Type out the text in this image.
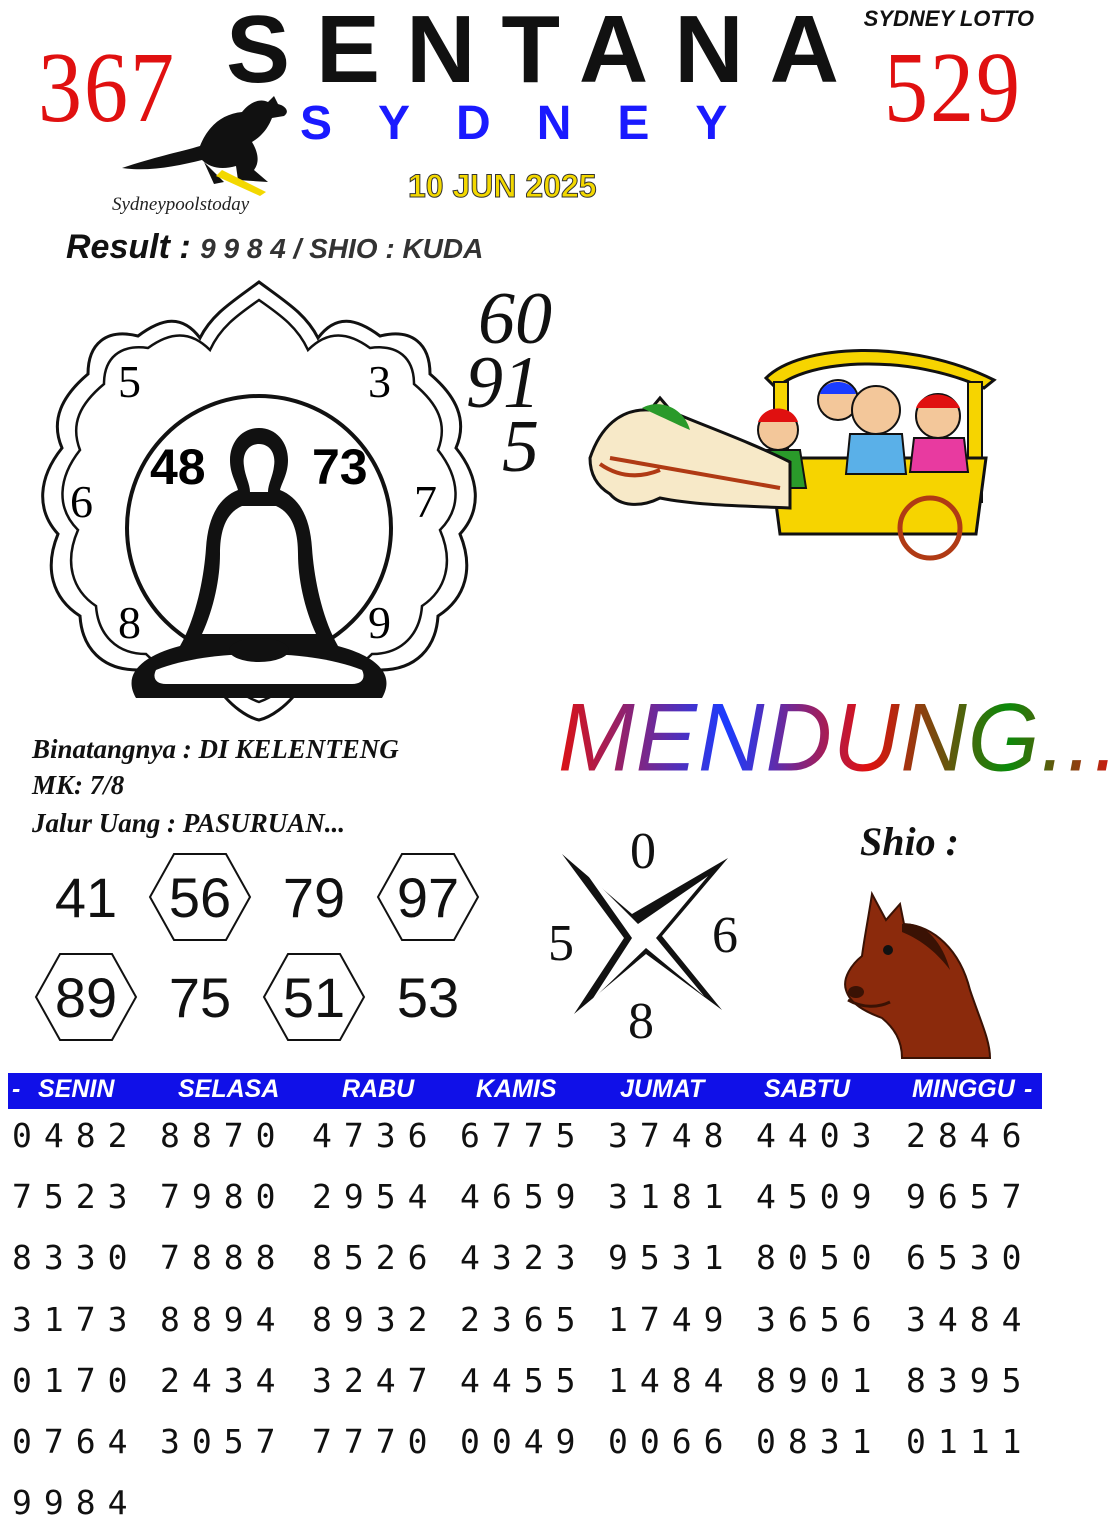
367	529
SYDNEY LOTTO
SENTANA
SYDNEY
Sydneypoolstoday
10 JUN 2025
Result : 9 9 8 4 / SHIO : KUDA
5	3
6	7
8	9
48 73
60
91
5
Binatangnya : DI KELENTENG
MK: 7/8
Jalur Uang : PASURUAN...
MENDUNG...
41 56 79 97
89 75 51 53
0
5	6
8
Shio :
- SENIN	SELASA	RABU KAMIS	JUMAT SABTU MINGGU -
0482 8870 4736 6775 3748 4403 2846
7523 7980 2954 4659 3181 4509 9657
8330 7888 8526 4323 9531 8050 6530
3173 8894 8932 2365 1749 3656 3484
0170 2434 3247 4455 1484 8901 8395
0764 3057 7770 0049 0066 0831 0111
9984
